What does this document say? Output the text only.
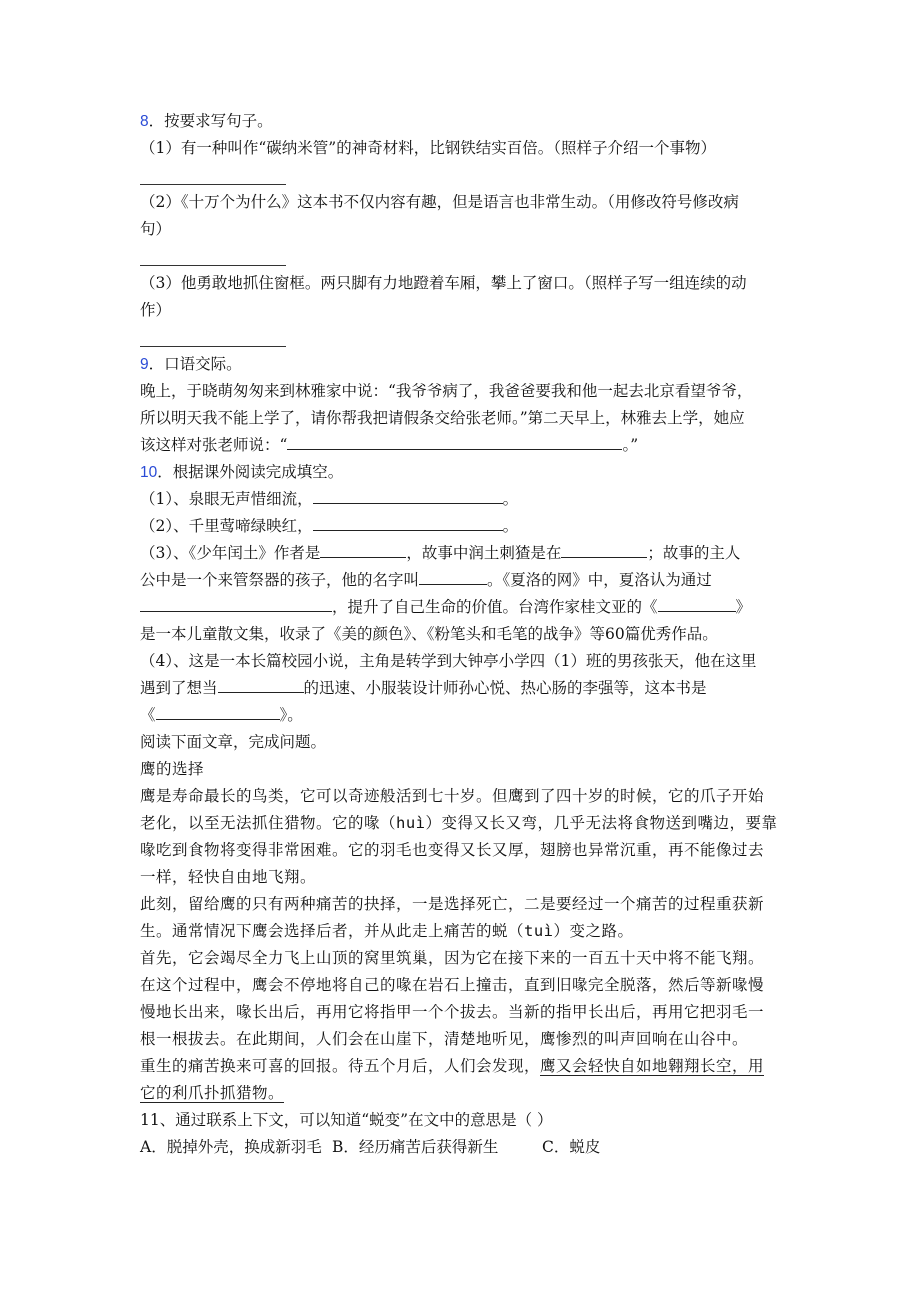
8．按要求写句子。
（1）有一种叫作“碳纳米管”的神奇材料，比钢铁结实百倍。（照样子介绍一个事物）
（2）《十万个为什么》这本书不仅内容有趣，但是语言也非常生动。（用修改符号修改病
句）
（3）他勇敢地抓住窗框。两只脚有力地蹬着车厢，攀上了窗口。（照样子写一组连续的动
作）
9．口语交际。
晚上，于晓萌匆匆来到林雅家中说：“我爷爷病了，我爸爸要我和他一起去北京看望爷爷，
所以明天我不能上学了，请你帮我把请假条交给张老师。”第二天早上，林雅去上学，她应
该这样对张老师说：“	。”
10．根据课外阅读完成填空。
（1）、泉眼无声惜细流，	。
（2）、千里莺啼绿映红，	。
（3）、《少年闰土》作者是	，故事中润土刺猹是在	；故事的主人
公中是一个来管祭器的孩子，他的名字叫	。《夏洛的网》中，夏洛认为通过
，提升了自己生命的价值。台湾作家桂文亚的《	》
是一本儿童散文集，收录了《美的颜色》、《粉笔头和毛笔的战争》等60篇优秀作品。
（4）、这是一本长篇校园小说，主角是转学到大钟亭小学四（1）班的男孩张天，他在这里
遇到了想当	的迅速、小服装设计师孙心悦、热心肠的李强等，这本书是
《	》。
阅读下面文章，完成问题。
鹰的选择
鹰是寿命最长的鸟类，它可以奇迹般活到七十岁。但鹰到了四十岁的时候，它的爪子开始
老化，以至无法抓住猎物。它的喙（huì）变得又长又弯，几乎无法将食物送到嘴边，要靠
喙吃到食物将变得非常困难。它的羽毛也变得又长又厚，翅膀也异常沉重，再不能像过去
一样，轻快自由地飞翔。
此刻，留给鹰的只有两种痛苦的抉择，一是选择死亡，二是要经过一个痛苦的过程重获新
生。通常情况下鹰会选择后者，并从此走上痛苦的蜕（tuì）变之路。
首先，它会竭尽全力飞上山顶的窝里筑巢，因为它在接下来的一百五十天中将不能飞翔。
在这个过程中，鹰会不停地将自己的喙在岩石上撞击，直到旧喙完全脱落，然后等新喙慢
慢地长出来，喙长出后，再用它将指甲一个个拔去。当新的指甲长出后，再用它把羽毛一
根一根拔去。在此期间，人们会在山崖下，清楚地听见，鹰惨烈的叫声回响在山谷中。
重生的痛苦换来可喜的回报。待五个月后，人们会发现，鹰又会轻快自如地翱翔长空，用
它的利爪扑抓猎物。
11、通过联系上下文，可以知道“蜕变”在文中的意思是（ ）
A．脱掉外壳，换成新羽毛 B．经历痛苦后获得新生	C．蜕皮
